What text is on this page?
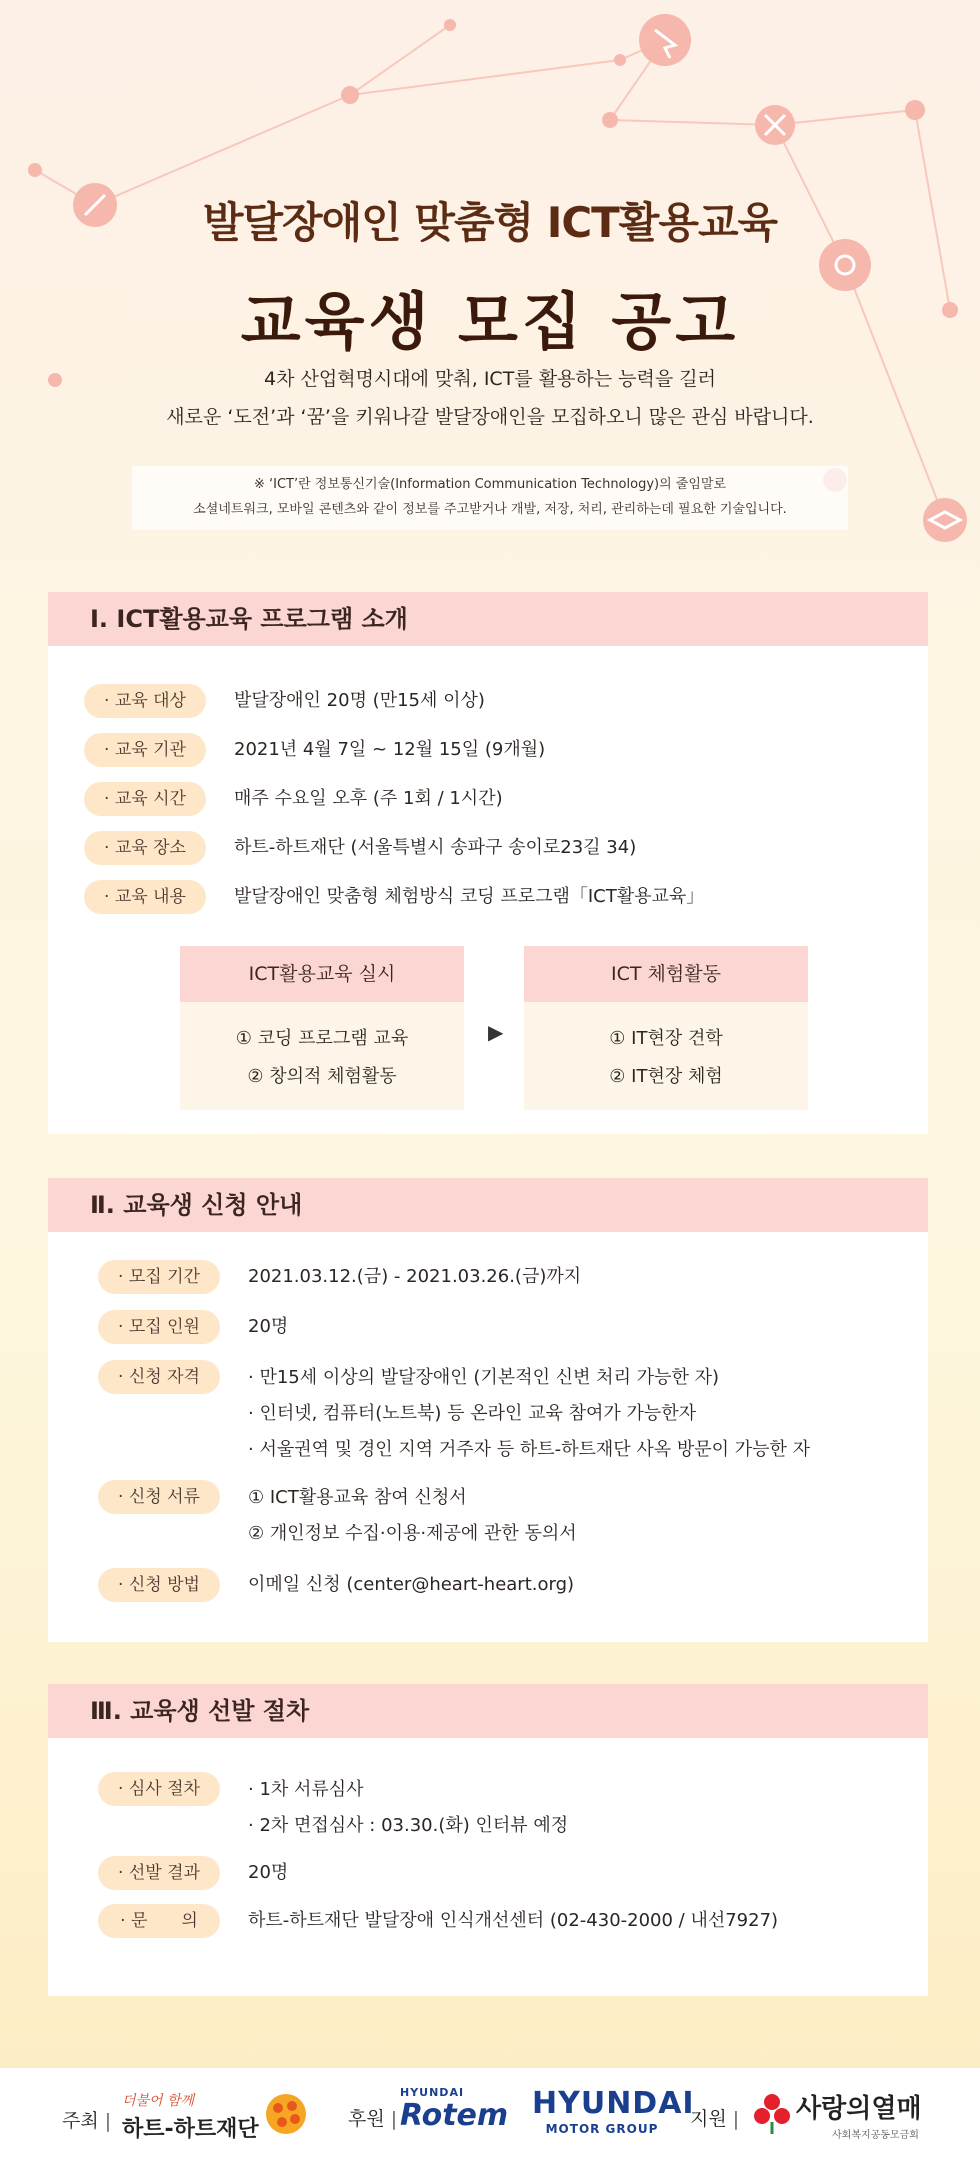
발달장애인 맞춤형 ICT활용교육
교육생 모집 공고
4차 산업혁명시대에 맞춰, ICT를 활용하는 능력을 길러
새로운 ‘도전’과 ‘꿈’을 키워나갈 발달장애인을 모집하오니 많은 관심 바랍니다.
※ ‘ICT’란 정보통신기술(Information Communication Technology)의 줄임말로
소셜네트워크, 모바일 콘텐츠와 같이 정보를 주고받거나 개발, 저장, 처리, 관리하는데 필요한 기술입니다.
Ⅰ. ICT활용교육 프로그램 소개
· 교육 대상	발달장애인 20명 (만15세 이상)
· 교육 기관	2021년 4월 7일 ~ 12월 15일 (9개월)
· 교육 시간	매주 수요일 오후 (주 1회 / 1시간)
· 교육 장소	하트-하트재단 (서울특별시 송파구 송이로23길 34)
· 교육 내용	발달장애인 맞춤형 체험방식 코딩 프로그램「ICT활용교육」
ICT활용교육 실시
① 코딩 프로그램 교육
② 창의적 체험활동
▶
ICT 체험활동
① IT현장 견학
② IT현장 체험
Ⅱ. 교육생 신청 안내
· 모집 기간	2021.03.12.(금) - 2021.03.26.(금)까지
· 모집 인원	20명
· 신청 자격	· 만15세 이상의 발달장애인 (기본적인 신변 처리 가능한 자)
· 인터넷, 컴퓨터(노트북) 등 온라인 교육 참여가 가능한자
· 서울권역 및 경인 지역 거주자 등 하트-하트재단 사옥 방문이 가능한 자
· 신청 서류	① ICT활용교육 참여 신청서
② 개인정보 수집·이용·제공에 관한 동의서
· 신청 방법	이메일 신청 (center@heart-heart.org)
Ⅲ. 교육생 선발 절차
· 심사 절차	· 1차 서류심사
· 2차 면접심사 : 03.30.(화) 인터뷰 예정
· 선발 결과	20명
· 문　　의	하트-하트재단 발달장애 인식개선센터 (02-430-2000 / 내선7927)
주최 |
더불어 함께
하트-하트재단	후원 |
HYUNDAI
Rotem HYUNDAI
MOTOR GROUP	지원 | 사랑의열매
사회복지공동모금회
